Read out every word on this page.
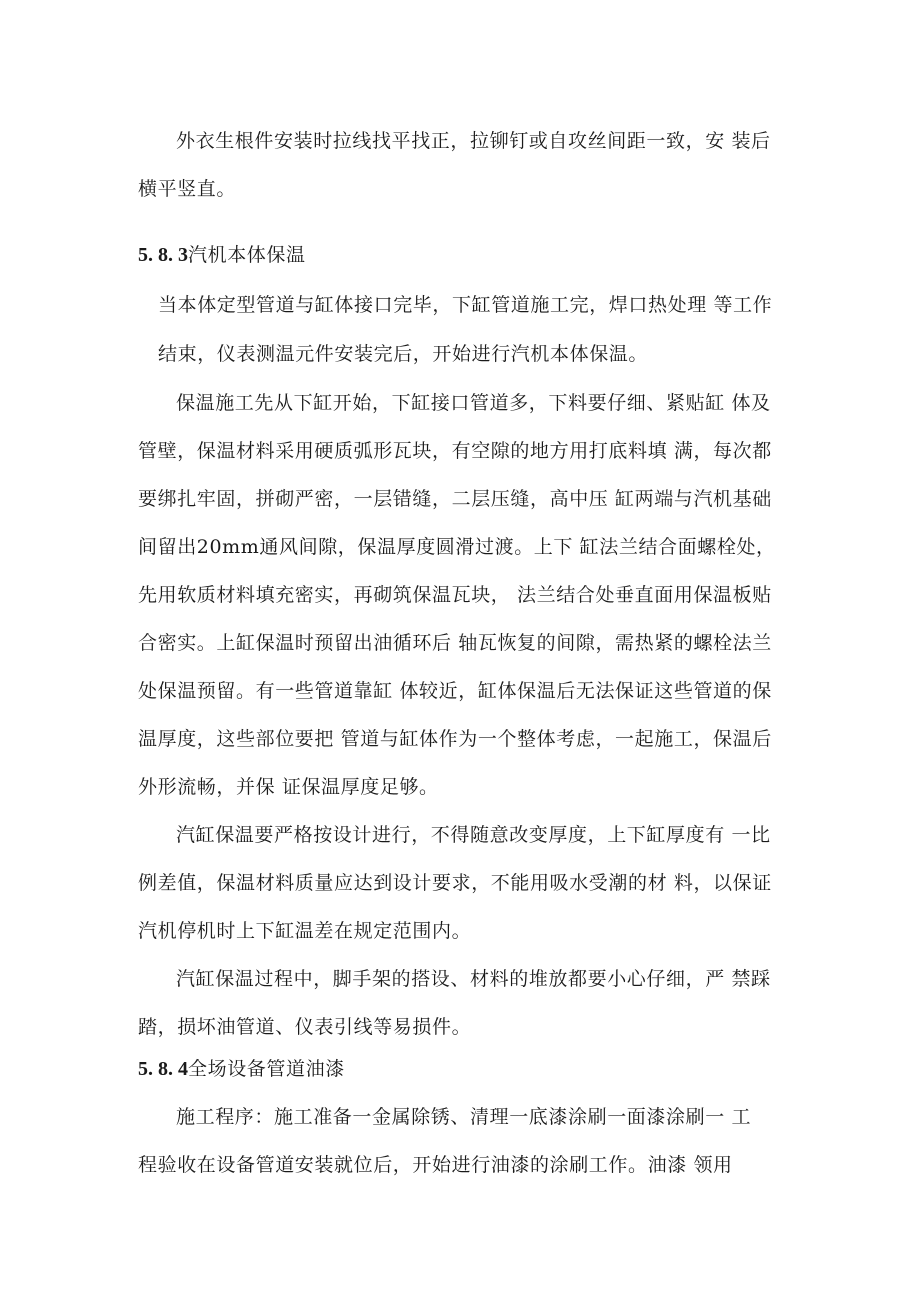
外衣生根件安装时拉线找平找正，拉铆钉或自攻丝间距一致，安 装后
横平竖直。
5. 8. 3汽机本体保温
当本体定型管道与缸体接口完毕，下缸管道施工完，焊口热处理 等工作
结束，仪表测温元件安装完后，开始进行汽机本体保温。
保温施工先从下缸开始，下缸接口管道多，下料要仔细、紧贴缸 体及
管壁，保温材料采用硬质弧形瓦块，有空隙的地方用打底料填 满，每次都
要绑扎牢固，拼砌严密，一层错缝，二层压缝，高中压 缸两端与汽机基础
间留出20mm通风间隙，保温厚度圆滑过渡。上下 缸法兰结合面螺栓处，
先用软质材料填充密实，再砌筑保温瓦块， 法兰结合处垂直面用保温板贴
合密实。上缸保温时预留出油循环后 轴瓦恢复的间隙，需热紧的螺栓法兰
处保温预留。有一些管道靠缸 体较近，缸体保温后无法保证这些管道的保
温厚度，这些部位要把 管道与缸体作为一个整体考虑，一起施工，保温后
外形流畅，并保 证保温厚度足够。
汽缸保温要严格按设计进行，不得随意改变厚度，上下缸厚度有 一比
例差值，保温材料质量应达到设计要求，不能用吸水受潮的材 料，以保证
汽机停机时上下缸温差在规定范围内。
汽缸保温过程中，脚手架的搭设、材料的堆放都要小心仔细，严 禁踩
踏，损坏油管道、仪表引线等易损件。
5. 8. 4全场设备管道油漆
施工程序：施工准备一金属除锈、清理一底漆涂刷一面漆涂刷一 工
程验收在设备管道安装就位后，开始进行油漆的涂刷工作。油漆 领用
